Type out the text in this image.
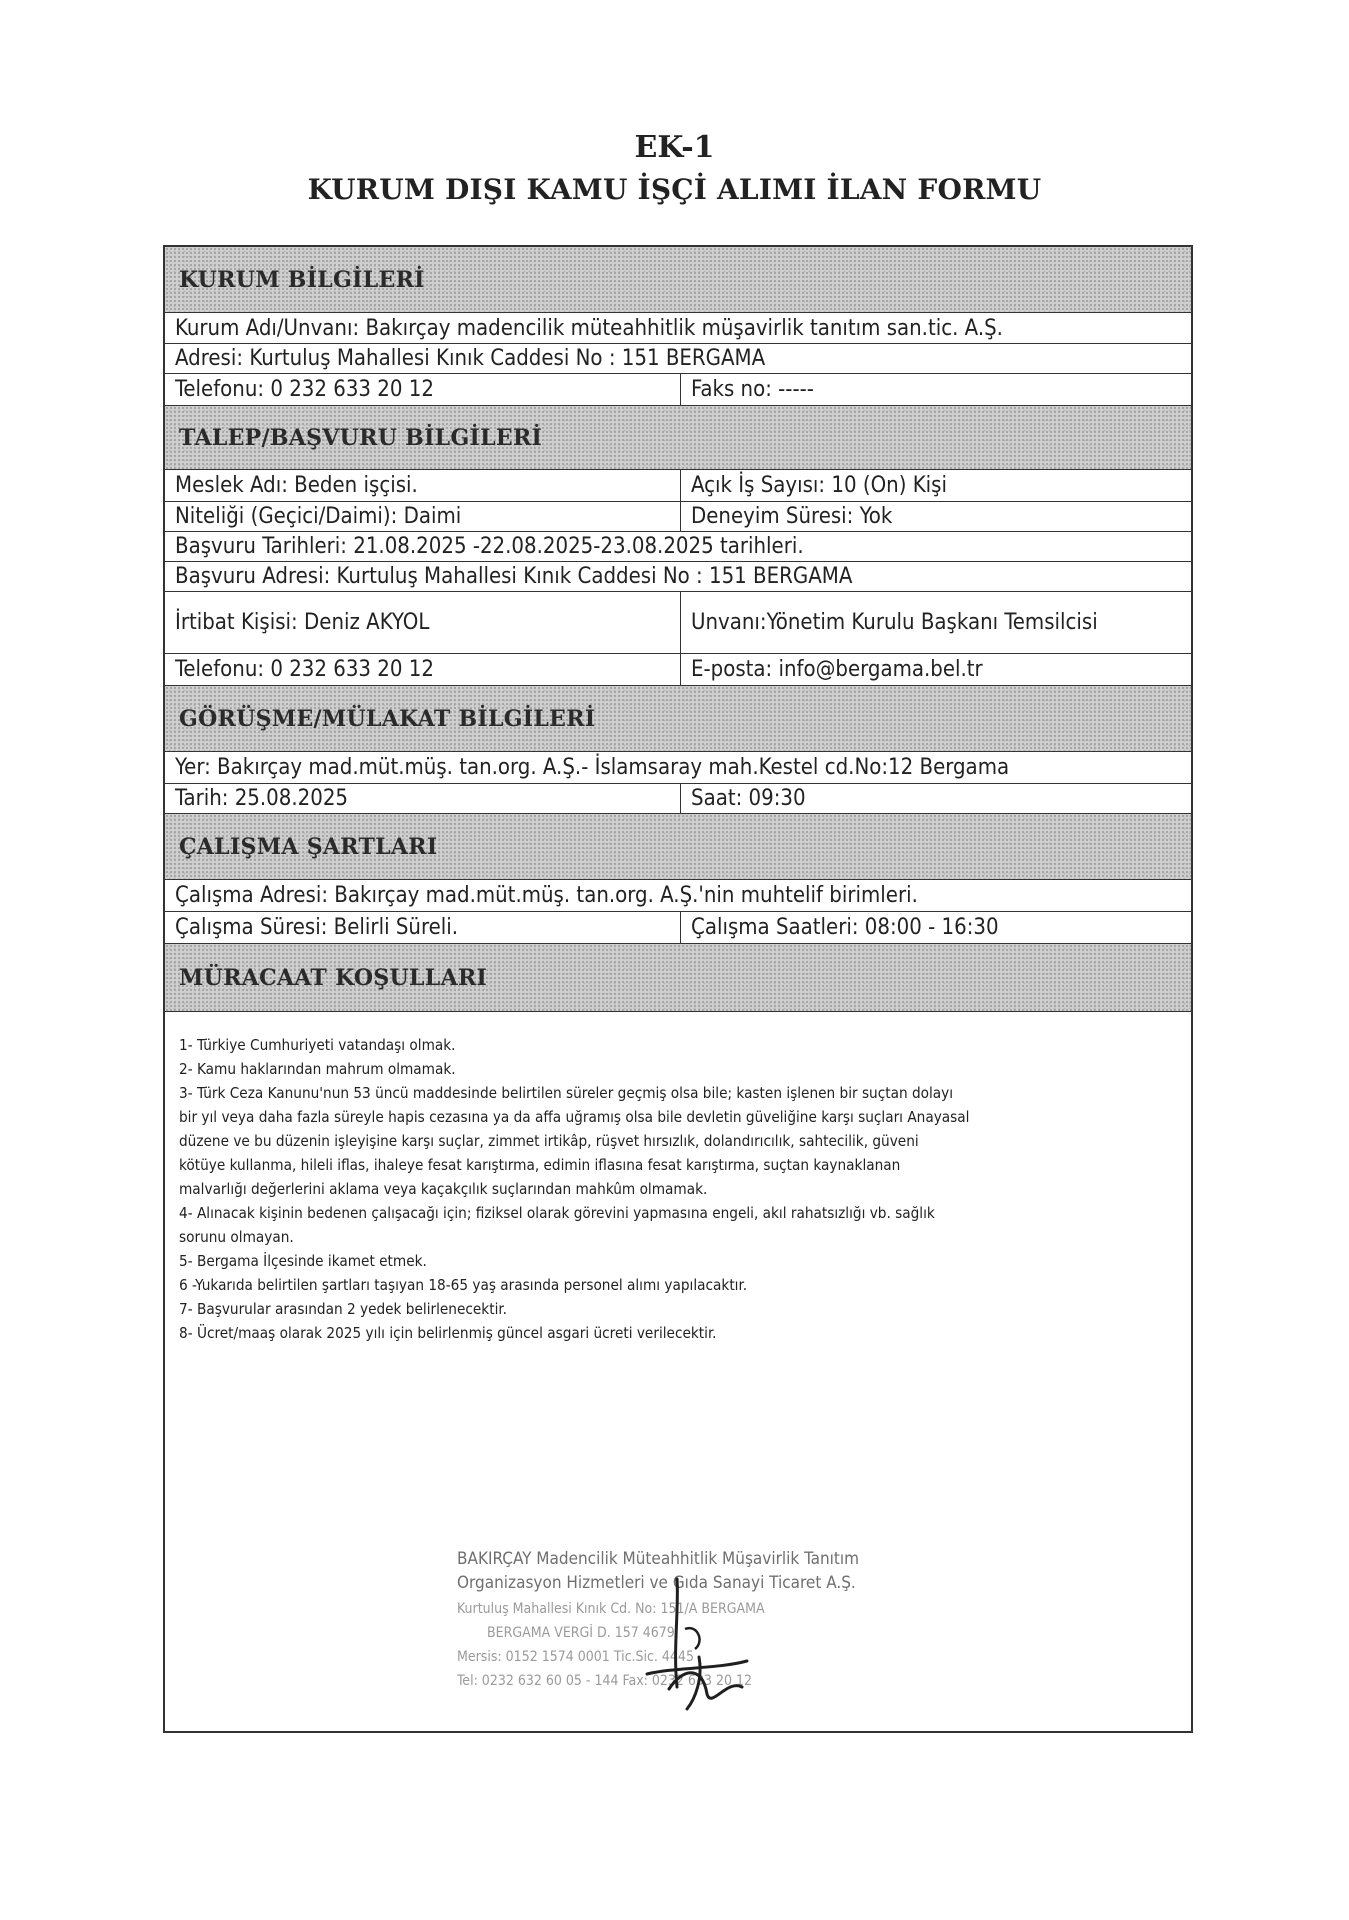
EK-1
KURUM DIŞI KAMU İŞÇİ ALIMI İLAN FORMU
KURUM BİLGİLERİ
Kurum Adı/Unvanı: Bakırçay madencilik müteahhitlik müşavirlik tanıtım san.tic. A.Ş.
Adresi: Kurtuluş Mahallesi Kınık Caddesi No : 151 BERGAMA
Telefonu: 0 232 633 20 12	Faks no: -----
TALEP/BAŞVURU BİLGİLERİ
Meslek Adı: Beden işçisi.	Açık İş Sayısı: 10 (On) Kişi
Niteliği (Geçici/Daimi): Daimi	Deneyim Süresi: Yok
Başvuru Tarihleri: 21.08.2025 -22.08.2025-23.08.2025 tarihleri.
Başvuru Adresi: Kurtuluş Mahallesi Kınık Caddesi No : 151 BERGAMA
İrtibat Kişisi: Deniz AKYOL	Unvanı:Yönetim Kurulu Başkanı Temsilcisi
Telefonu: 0 232 633 20 12	E-posta: info@bergama.bel.tr
GÖRÜŞME/MÜLAKAT BİLGİLERİ
Yer: Bakırçay mad.müt.müş. tan.org. A.Ş.- İslamsaray mah.Kestel cd.No:12 Bergama
Tarih: 25.08.2025	Saat: 09:30
ÇALIŞMA ŞARTLARI
Çalışma Adresi: Bakırçay mad.müt.müş. tan.org. A.Ş.'nin muhtelif birimleri.
Çalışma Süresi: Belirli Süreli.	Çalışma Saatleri: 08:00 - 16:30
MÜRACAAT KOŞULLARI
1- Türkiye Cumhuriyeti vatandaşı olmak.
2- Kamu haklarından mahrum olmamak.
3- Türk Ceza Kanunu'nun 53 üncü maddesinde belirtilen süreler geçmiş olsa bile; kasten işlenen bir suçtan dolayı
bir yıl veya daha fazla süreyle hapis cezasına ya da affa uğramış olsa bile devletin güveliğine karşı suçları Anayasal
düzene ve bu düzenin işleyişine karşı suçlar, zimmet irtikâp, rüşvet hırsızlık, dolandırıcılık, sahtecilik, güveni
kötüye kullanma, hileli iflas, ihaleye fesat karıştırma, edimin iflasına fesat karıştırma, suçtan kaynaklanan
malvarlığı değerlerini aklama veya kaçakçılık suçlarından mahkûm olmamak.
4- Alınacak kişinin bedenen çalışacağı için; fiziksel olarak görevini yapmasına engeli, akıl rahatsızlığı vb. sağlık
sorunu olmayan.
5- Bergama İlçesinde ikamet etmek.
6 -Yukarıda belirtilen şartları taşıyan 18-65 yaş arasında personel alımı yapılacaktır.
7- Başvurular arasından 2 yedek belirlenecektir.
8- Ücret/maaş olarak 2025 yılı için belirlenmiş güncel asgari ücreti verilecektir.
BAKIRÇAY Madencilik Müteahhitlik Müşavirlik Tanıtım
Organizasyon Hizmetleri ve Gıda Sanayi Ticaret A.Ş.
Kurtuluş Mahallesi Kınık Cd. No: 151/A BERGAMA
BERGAMA VERGİ D. 157 4679
Mersis: 0152 1574 0001 Tic.Sic. 4445
Tel: 0232 632 60 05 - 144 Fax: 0232 633 20 12
